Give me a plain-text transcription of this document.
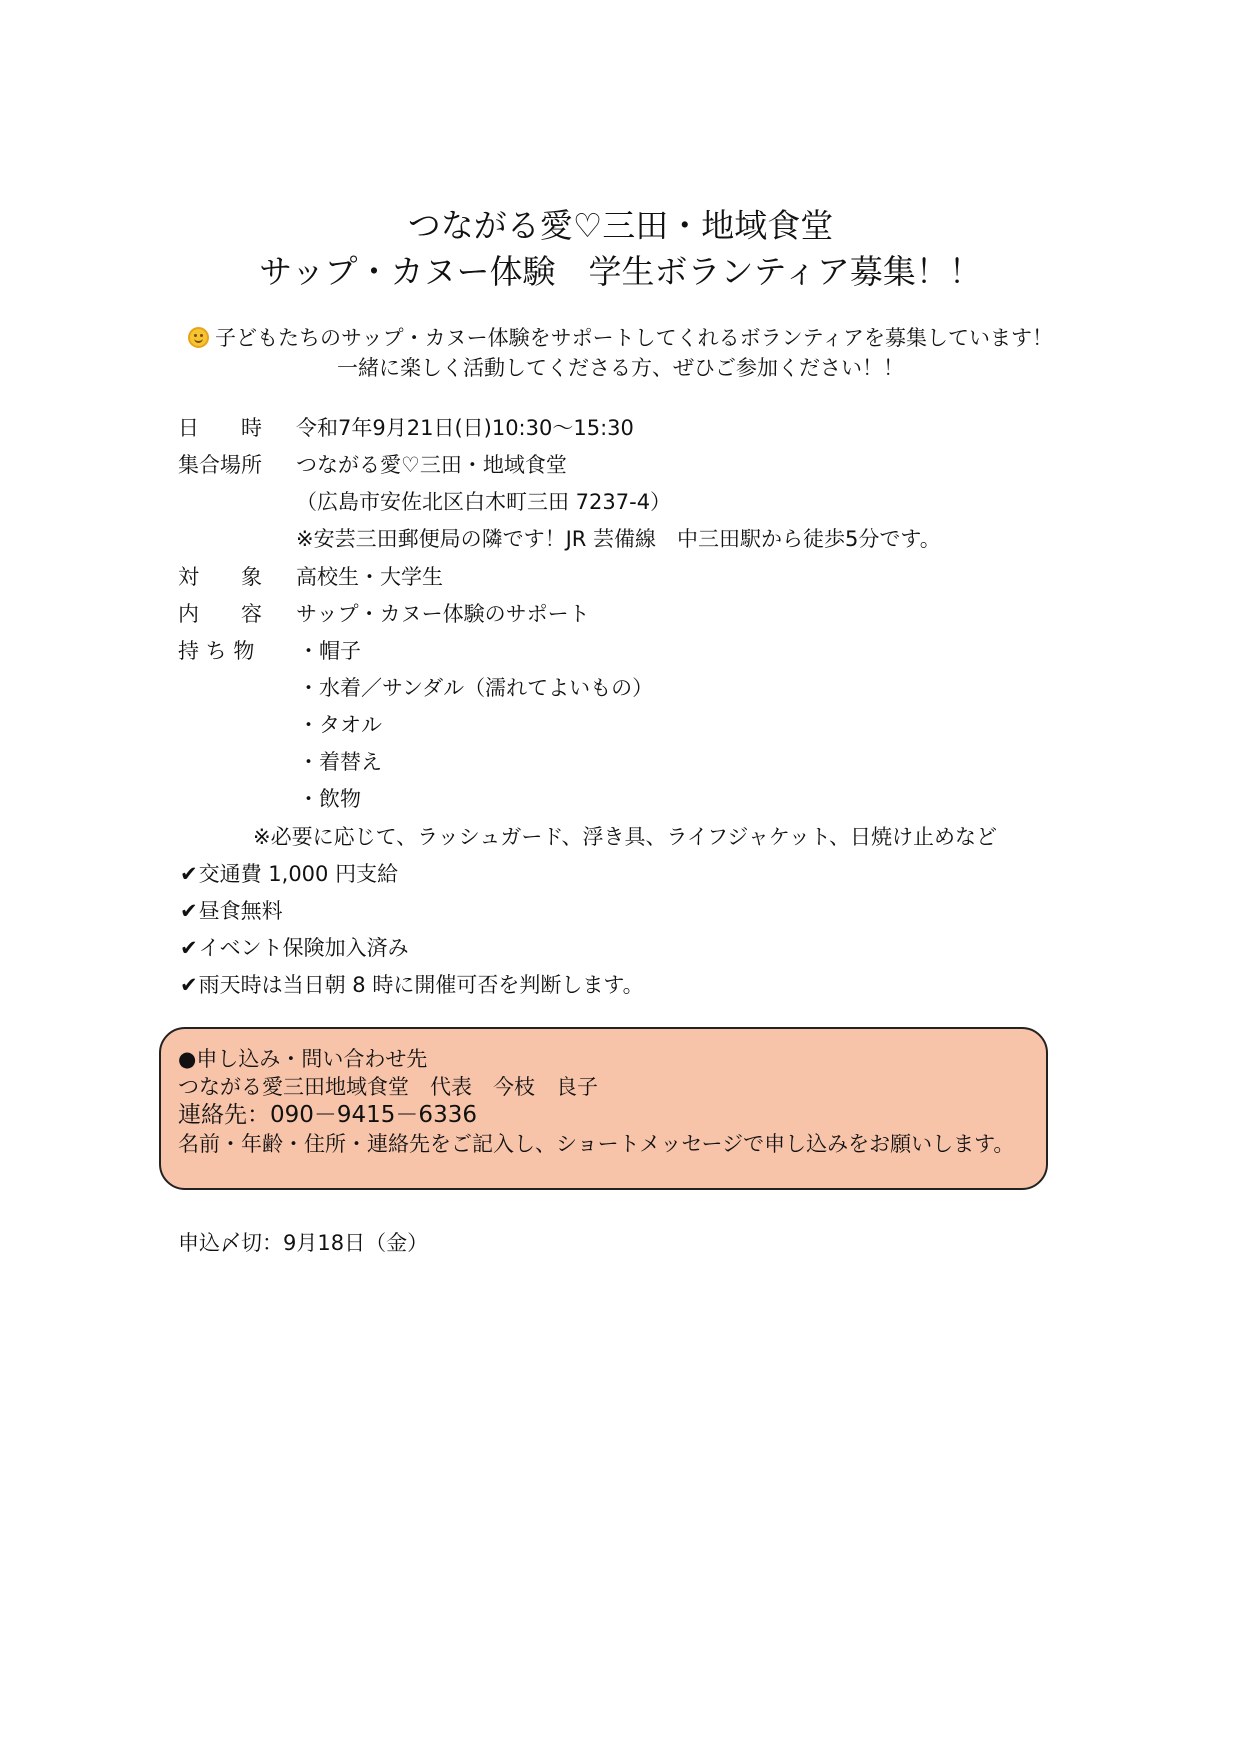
つながる愛♡三田・地域食堂
サップ・カヌー体験　学生ボランティア募集！！
子どもたちのサップ・カヌー体験をサポートしてくれるボランティアを募集しています！
一緒に楽しく活動してくださる方、ぜひご参加ください！！
日　　時 令和7年9月21日(日)10:30～15:30
集合場所 つながる愛♡三田・地域食堂
（広島市安佐北区白木町三田 7237-4）
※安芸三田郵便局の隣です！JR 芸備線　中三田駅から徒歩5分です。
対　　象 高校生・大学生
内　　容 サップ・カヌー体験のサポート
持 ち 物 ・帽子
・水着／サンダル（濡れてよいもの）
・タオル
・着替え
・飲物
※必要に応じて、ラッシュガード、浮き具、ライフジャケット、日焼け止めなど
✔交通費 1,000 円支給
✔昼食無料
✔イベント保険加入済み
✔雨天時は当日朝 8 時に開催可否を判断します。
●申し込み・問い合わせ先
つながる愛三田地域食堂　代表　今枝　良子
連絡先：090－9415－6336
名前・年齢・住所・連絡先をご記入し、ショートメッセージで申し込みをお願いします。
申込〆切：9月18日（金）
